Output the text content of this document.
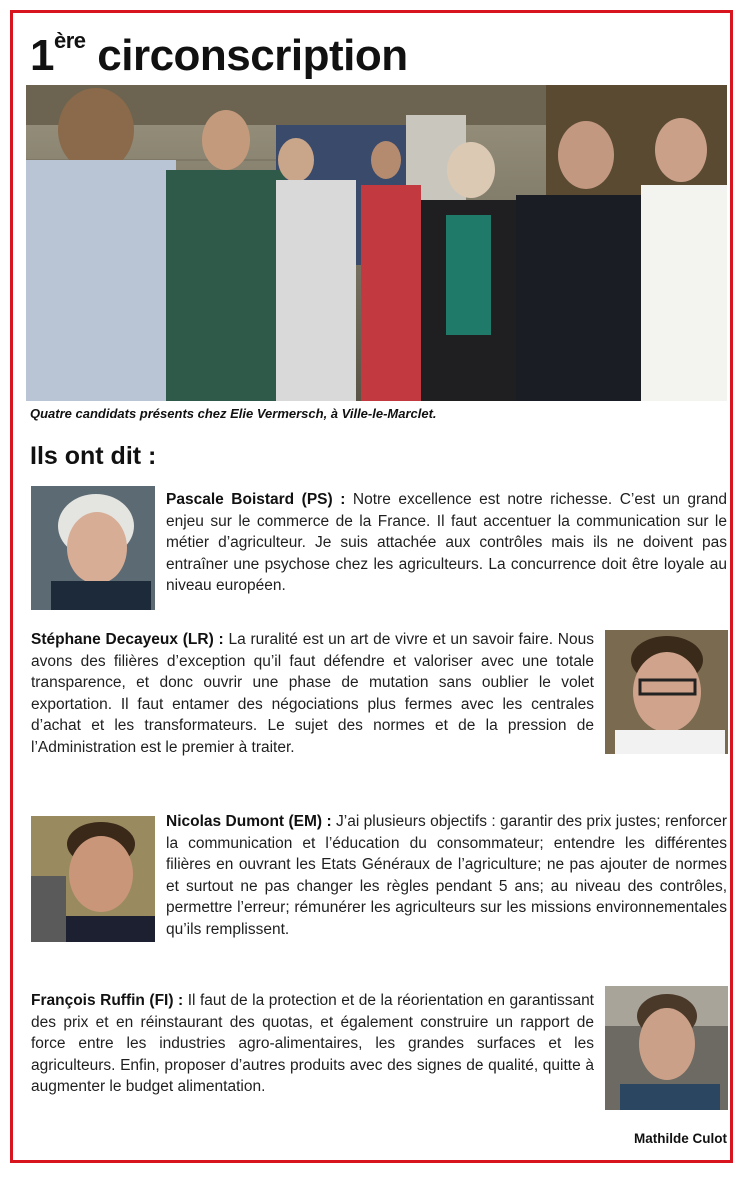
1ère circonscription
Quatre candidats présents chez Elie Vermersch, à Ville-le-Marclet.
Ils ont dit :
Pascale Boistard (PS) : Notre excellence est notre richesse. C’est un grand enjeu sur le commerce de la France. Il faut accentuer la communication sur le métier d’agriculteur. Je suis attachée aux contrôles mais ils ne doivent pas entraîner une psychose chez les agriculteurs. La concurrence doit être loyale au niveau européen.
Stéphane Decayeux (LR) : La ruralité est un art de vivre et un savoir faire. Nous avons des filières d’exception qu’il faut défendre et valoriser avec une totale transparence, et donc ouvrir une phase de mutation sans oublier le volet exportation. Il faut entamer des négociations plus fermes avec les centrales d’achat et les transformateurs. Le sujet des normes et de la pression de l’Administration est le premier à traiter.
Nicolas Dumont (EM) : J’ai plusieurs objectifs : garantir des prix justes; renforcer la communication et l’éducation du consommateur; entendre les différentes filières en ouvrant les Etats Généraux de l’agriculture; ne pas ajouter de normes et surtout ne pas changer les règles pendant 5 ans; au niveau des contrôles, permettre l’erreur; rémunérer les agriculteurs sur les missions environnementales qu’ils remplissent.
François Ruffin (FI) : Il faut de la protection et de la réorientation en garantissant des prix et en réinstaurant des quotas, et également construire un rapport de force entre les industries agro-alimentaires, les grandes surfaces et les agriculteurs. Enfin, proposer d’autres produits avec des signes de qualité, quitte à augmenter le budget alimentation.
Mathilde Culot
